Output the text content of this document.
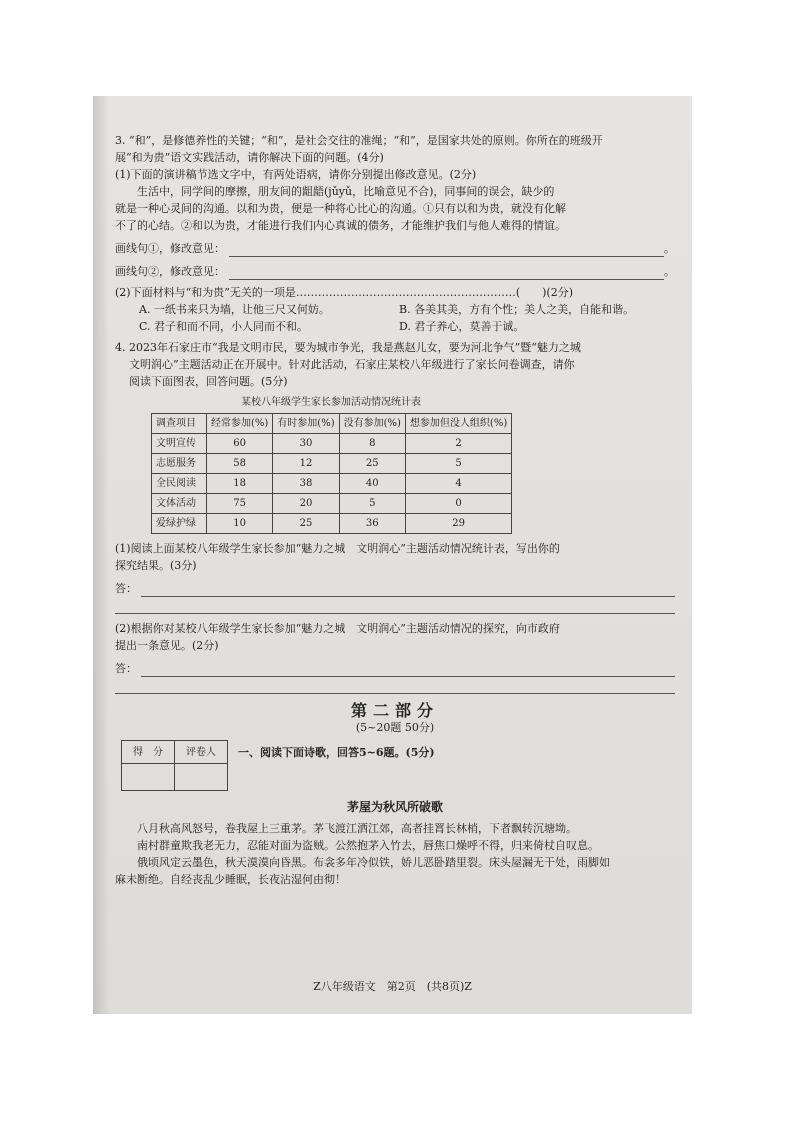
3. “和”，是修德养性的关键；“和”，是社会交往的准绳；“和”，是国家共处的原则。你所在的班级开

展“和为贵”语文实践活动，请你解决下面的问题。(4分)

(1)下面的演讲稿节选文字中，有两处语病，请你分别提出修改意见。(2分)

生活中，同学间的摩擦，朋友间的龃龉(jǔyǔ，比喻意见不合)，同事间的误会，缺少的

就是一种心灵间的沟通。以和为贵，便是一种将心比心的沟通。①只有以和为贵，就没有化解

不了的心结。②和以为贵，才能进行我们内心真诚的债务，才能维护我们与他人难得的情谊。

画线句①，修改意见：	。
画线句②，修改意见：	。

(2)下面材料与“和为贵”无关的一项是……………………………………………………(　　)(2分)

A. 一纸书来只为墙，让他三尺又何妨。	B. 各美其美，方有个性；美人之美，自能和谐。
C. 君子和而不同，小人同而不和。	D. 君子养心，莫善于诚。

4. 2023年石家庄市“我是文明市民，要为城市争光，我是燕赵儿女，要为河北争气”暨“魅力之城

文明润心”主题活动正在开展中。针对此活动，石家庄某校八年级进行了家长问卷调查，请你

阅读下面图表，回答问题。(5分)

某校八年级学生家长参加活动情况统计表
调查项目	经常参加(%)	有时参加(%)	没有参加(%)	想参加但没人组织(%)
文明宣传	60	30	8	2
志愿服务	58	12	25	5
全民阅读	18	38	40	4
文体活动	75	20	5	0
爱绿护绿	10	25	36	29

(1)阅读上面某校八年级学生家长参加“魅力之城　文明润心”主题活动情况统计表，写出你的

探究结果。(3分)

答：

(2)根据你对某校八年级学生家长参加“魅力之城　文明润心”主题活动情况的探究，向市政府

提出一条意见。(2分)

答：
第二部分
(5~20题 50分)
得　分	评卷人
	一、阅读下面诗歌，回答5~6题。(5分)
茅屋为秋风所破歌

八月秋高风怒号，卷我屋上三重茅。茅飞渡江洒江郊，高者挂罥长林梢，下者飘转沉塘坳。

南村群童欺我老无力，忍能对面为盗贼。公然抱茅入竹去，唇焦口燥呼不得，归来倚杖自叹息。

俄顷风定云墨色，秋天漠漠向昏黑。布衾多年冷似铁，娇儿恶卧踏里裂。床头屋漏无干处，雨脚如

麻未断绝。自经丧乱少睡眠，长夜沾湿何由彻！

Z八年级语文　第2页　(共8页)Z
